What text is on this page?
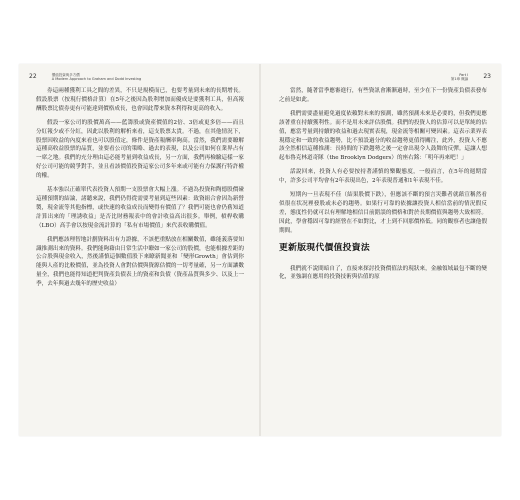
22	價值投資與多方價
A Modern Approach to Graham and Dodd Investing

券這兩種獲利工具之間的差異，不只是規模而已，也要考量到未來的長期增長。假設股票（按現行價格計算）在5年之後因為股利增加而優成是要獲利工具，但高報酬股票比債券更有可能達到價格成長，也會因此帶來資本利得和更高的收入。

假設一家公司的股價萬高——藍籌股或資產價值的2倍、3倍或更多倍——而且分紅報少或不分紅，因此以股利的解析來看，這支股票太貴。不過，在其他情況下，股票因收益的內度來看也可以股值定，條件是資產報酬率夠高。當然，我們需要瞭解這種高收益股票的品質，並要看公司的策略、過去的表現，以及公司如何在業界占有一席之地。我們的充分理由這必能考量到收益成長，另一方面，我們再檢驗這樣一家好公司可能的競爭對手，並且看該價值投資這家公司多年來或可能有力保護行特許權的權。

基本強以正確單代表投資人預期一支股票會大幅上漲。不過為投資和陶德股價碰這種預期的結論，諸聽來說，我們仍得從需要考量到這些因素：致資組合會因為新營製，現金流等其他指標，或快速的收益成長而變得有價值了？我們可能也會仍舊知道計算出來的「理誘收益」是否比財務報表中的會計收益高出很多。舉例，槓桿收購（LBO）高手會以按現金流計算的「私有市場價值」來代表收購價值。

我們應該理智地計劃資料出有力證據，不該把重點放在相關數值，雖能義落要知識推測出來的資料。我們能夠藉由日常生活中瞭如一家公司的股價，也能根據差距的公合股與現金收入，然後謹慎這個數值股下來瞭新聞並和「變形Growth」會估到你能與人產的比較價值，並為投資人會對估價與資源估價的一切考量確，另一方面讓數量全，我們也能得知道把判資產負債表上的資產和負債（資產品質與多少、以及上一季，去年與過去幾年的歷史收益）

Part I
第1章 概論	23

當然，隨著當季應審進行，有些資訊會漸漸過時，至少在下一份資產負債表發布之前是如此。

我們需要盡量避免過度依賴對未來的預測，雖然預測未來是必要的，但我們更應該著重在持續獲利性。而不是用未來評估股價。我們的投資人的估算可以是單純的估值，應當考量到持續的收益和過去現實表現，現金流等相關可變因素。這表示業界表現穩定和一致的收益趨勢，比不預設過分的收益趨勢更值得關注，此外，投資人不應該全然相信這種推測：長時間的下跌趨勢之後一定會出現令人鼓舞的反彈。這讓人想起布魯克林道奇隊（the Brooklyn Dodgers）的座右銘：「明年再來吧！」

話說回來，投資人有必要按持著謹慎的樂觀態度，一般而言，在5年的週期當中，許多公司平均會有2年表現出色，2年表現普通和1年表現不佳。

短期內一旦表現不佳（結果股價下跌），但應該不斷的預言災難者就藉宣稱然看似很在状况裡發股或未必的趨勢。如果行可靠的依據讓投資人相信當前的情況假反差，態度性仍就可以有理解地相信目前錯誤的價格和對於長期價值與趨勢大致相符。因此，學會穩固可靠的經營在不如對比，才上到不回那價格低。同的觀察者也讓他假期間。

更新版現代價值投資法

我們就不說間暗自了，直接來探討投資價值法的現狀來，金融領域最包不斷的變化，並強調在應用的投資技術與估值的原
